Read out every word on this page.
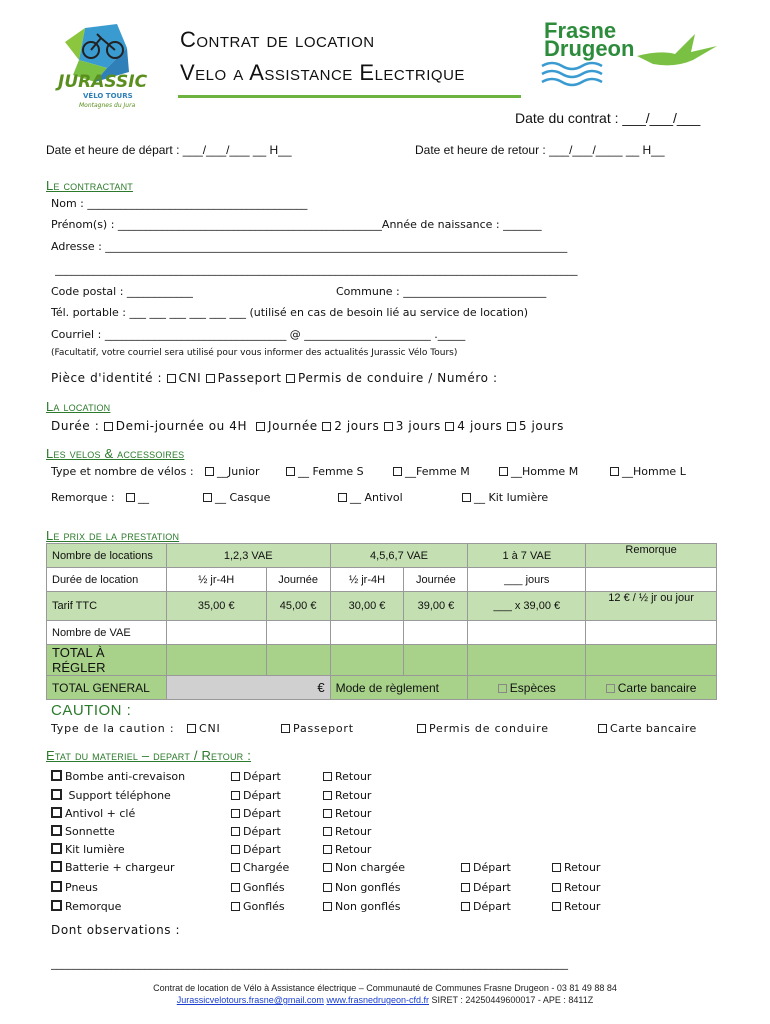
JURASSIC
VÉLO TOURS
Montagnes du Jura
Contrat de location
Velo a Assistance Electrique
Frasne
Drugeon
Date du contrat : ___/___/___
Date et heure de départ : ___/___/___ __ H__	Date et heure de retour : ___/___/____ __ H__
Le contractant
Nom : ________________________________________
Prénom(s) : ________________________________________________Année de naissance : _______
Adresse : ____________________________________________________________________________________
_______________________________________________________________________________________________
Code postal : ____________	Commune : __________________________
Tél. portable : ___ ___ ___ ___ ___ ___ (utilisé en cas de besoin lié au service de location)
Courriel : _________________________________ @ _______________________ ._____
(Facultatif, votre courriel sera utilisé pour vous informer des actualités Jurassic Vélo Tours)
Pièce d'identité : CNI Passeport Permis de conduire / Numéro :
La location
Durée : Demi-journée ou 4H Journée 2 jours 3 jours 4 jours 5 jours
Les velos & accessoires
Type et nombre de vélos :	__Junior	__ Femme S	__Femme M	__Homme M	__Homme L
Remorque :	__	__ Casque	__ Antivol	__ Kit lumière
Le prix de la prestation
Nombre de locations	1,2,3 VAE		4,5,6,7 VAE		1 à 7 VAE	Remorque
Durée de location	½ jr-4H	Journée	½ jr-4H	Journée	___ jours	
Tarif TTC	35,00 €	45,00 €	30,00 €	39,00 €	___ x 39,00 €	12 € / ½ jr ou jour
Nombre de VAE						
TOTAL À RÉGLER						
TOTAL GENERAL	€		Mode de règlement		Espèces	Carte bancaire
CAUTION :
Type de la caution :	CNI	Passeport	Permis de conduire	Carte bancaire
Etat du materiel – depart / Retour :
Bombe anti-crevaison	Départ	Retour
Support téléphone	Départ	Retour
Antivol + clé	Départ	Retour
Sonnette	Départ	Retour
Kit lumière	Départ	Retour
Batterie + chargeur	Chargée	Non chargée	Départ	Retour
Pneus	Gonflés	Non gonflés	Départ	Retour
Remorque	Gonflés	Non gonflés	Départ	Retour
Dont observations :
______________________________________________________________________________________________
Contrat de location de Vélo à Assistance électrique – Communauté de Communes Frasne Drugeon - 03 81 49 88 84
Jurassicvelotours.frasne@gmail.com www.frasnedrugeon-cfd.fr SIRET : 24250449600017 - APE : 8411Z
